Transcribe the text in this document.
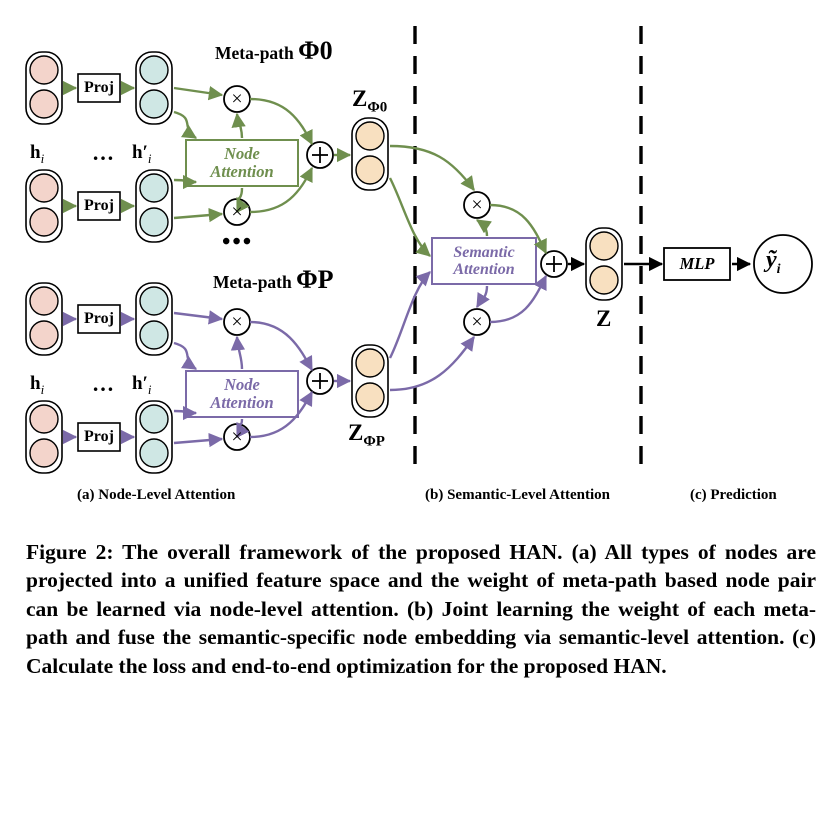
Proj
Proj
Proj
Proj
Node
Attention
Node
Attention
Semantic
Attention	MLP
×
×
×
×
×
×
$h_i$
$h_i$
$h'_i$
$h'_i$
…
…
•••
Meta-path Φ0
Meta-path ΦP
$Z_{\Phi 0}$
$Z_{\Phi P}$
Z
$ỹ_i$
(a) Node-Level Attention	(b) Semantic-Level Attention	(c) Prediction
Figure 2: The overall framework of the proposed HAN. (a) All types of nodes are projected into a unified feature space and the weight of meta-path based node pair can be learned via node-level attention. (b) Joint learning the weight of each meta-path and fuse the semantic-specific node embedding via semantic-level attention. (c) Calculate the loss and end-to-end optimization for the proposed HAN.
